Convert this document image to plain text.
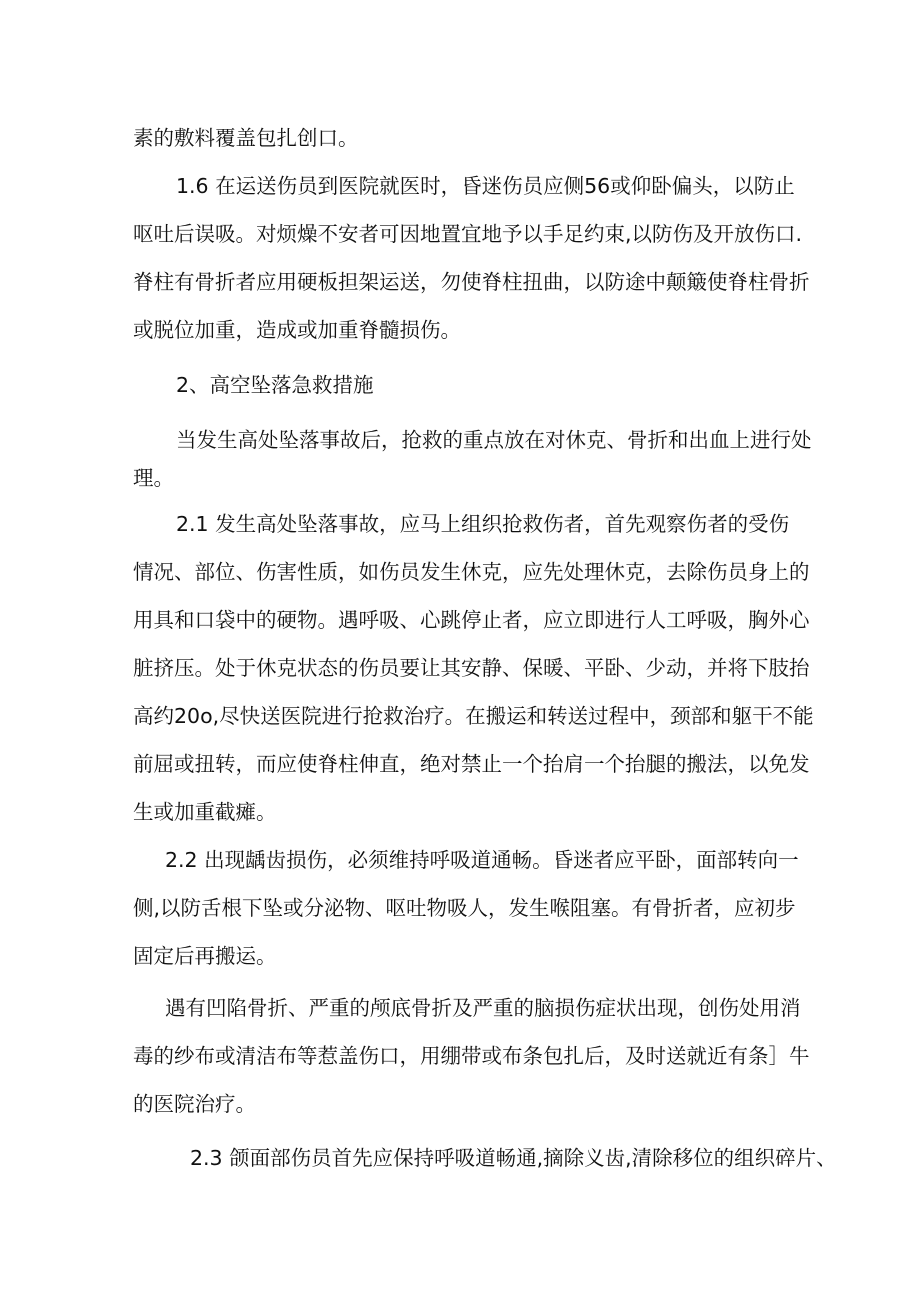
素的敷料覆盖包扎创口。
1.6 在运送伤员到医院就医时，昏迷伤员应侧56或仰卧偏头，以防止
呕吐后误吸。对烦燥不安者可因地置宜地予以手足约束,以防伤及开放伤口.
脊柱有骨折者应用硬板担架运送，勿使脊柱扭曲，以防途中颠簸使脊柱骨折
或脱位加重，造成或加重脊髓损伤。
2、高空坠落急救措施
当发生高处坠落事故后，抢救的重点放在对休克、骨折和出血上进行处
理。
2.1 发生高处坠落事故，应马上组织抢救伤者，首先观察伤者的受伤
情况、部位、伤害性质，如伤员发生休克，应先处理休克，去除伤员身上的
用具和口袋中的硬物。遇呼吸、心跳停止者，应立即进行人工呼吸，胸外心
脏挤压。处于休克状态的伤员要让其安静、保暖、平卧、少动，并将下肢抬
高约20o,尽快送医院进行抢救治疗。在搬运和转送过程中，颈部和躯干不能
前屈或扭转，而应使脊柱伸直，绝对禁止一个抬肩一个抬腿的搬法，以免发
生或加重截瘫。
2.2 出现龋齿损伤，必须维持呼吸道通畅。昏迷者应平卧，面部转向一
侧,以防舌根下坠或分泌物、呕吐物吸人，发生喉阻塞。有骨折者，应初步
固定后再搬运。
遇有凹陷骨折、严重的颅底骨折及严重的脑损伤症状出现，创伤处用消
毒的纱布或清洁布等惹盖伤口，用绷带或布条包扎后，及时送就近有条］牛
的医院治疗。
2.3 颌面部伤员首先应保持呼吸道畅通,摘除义齿,清除移位的组织碎片、
